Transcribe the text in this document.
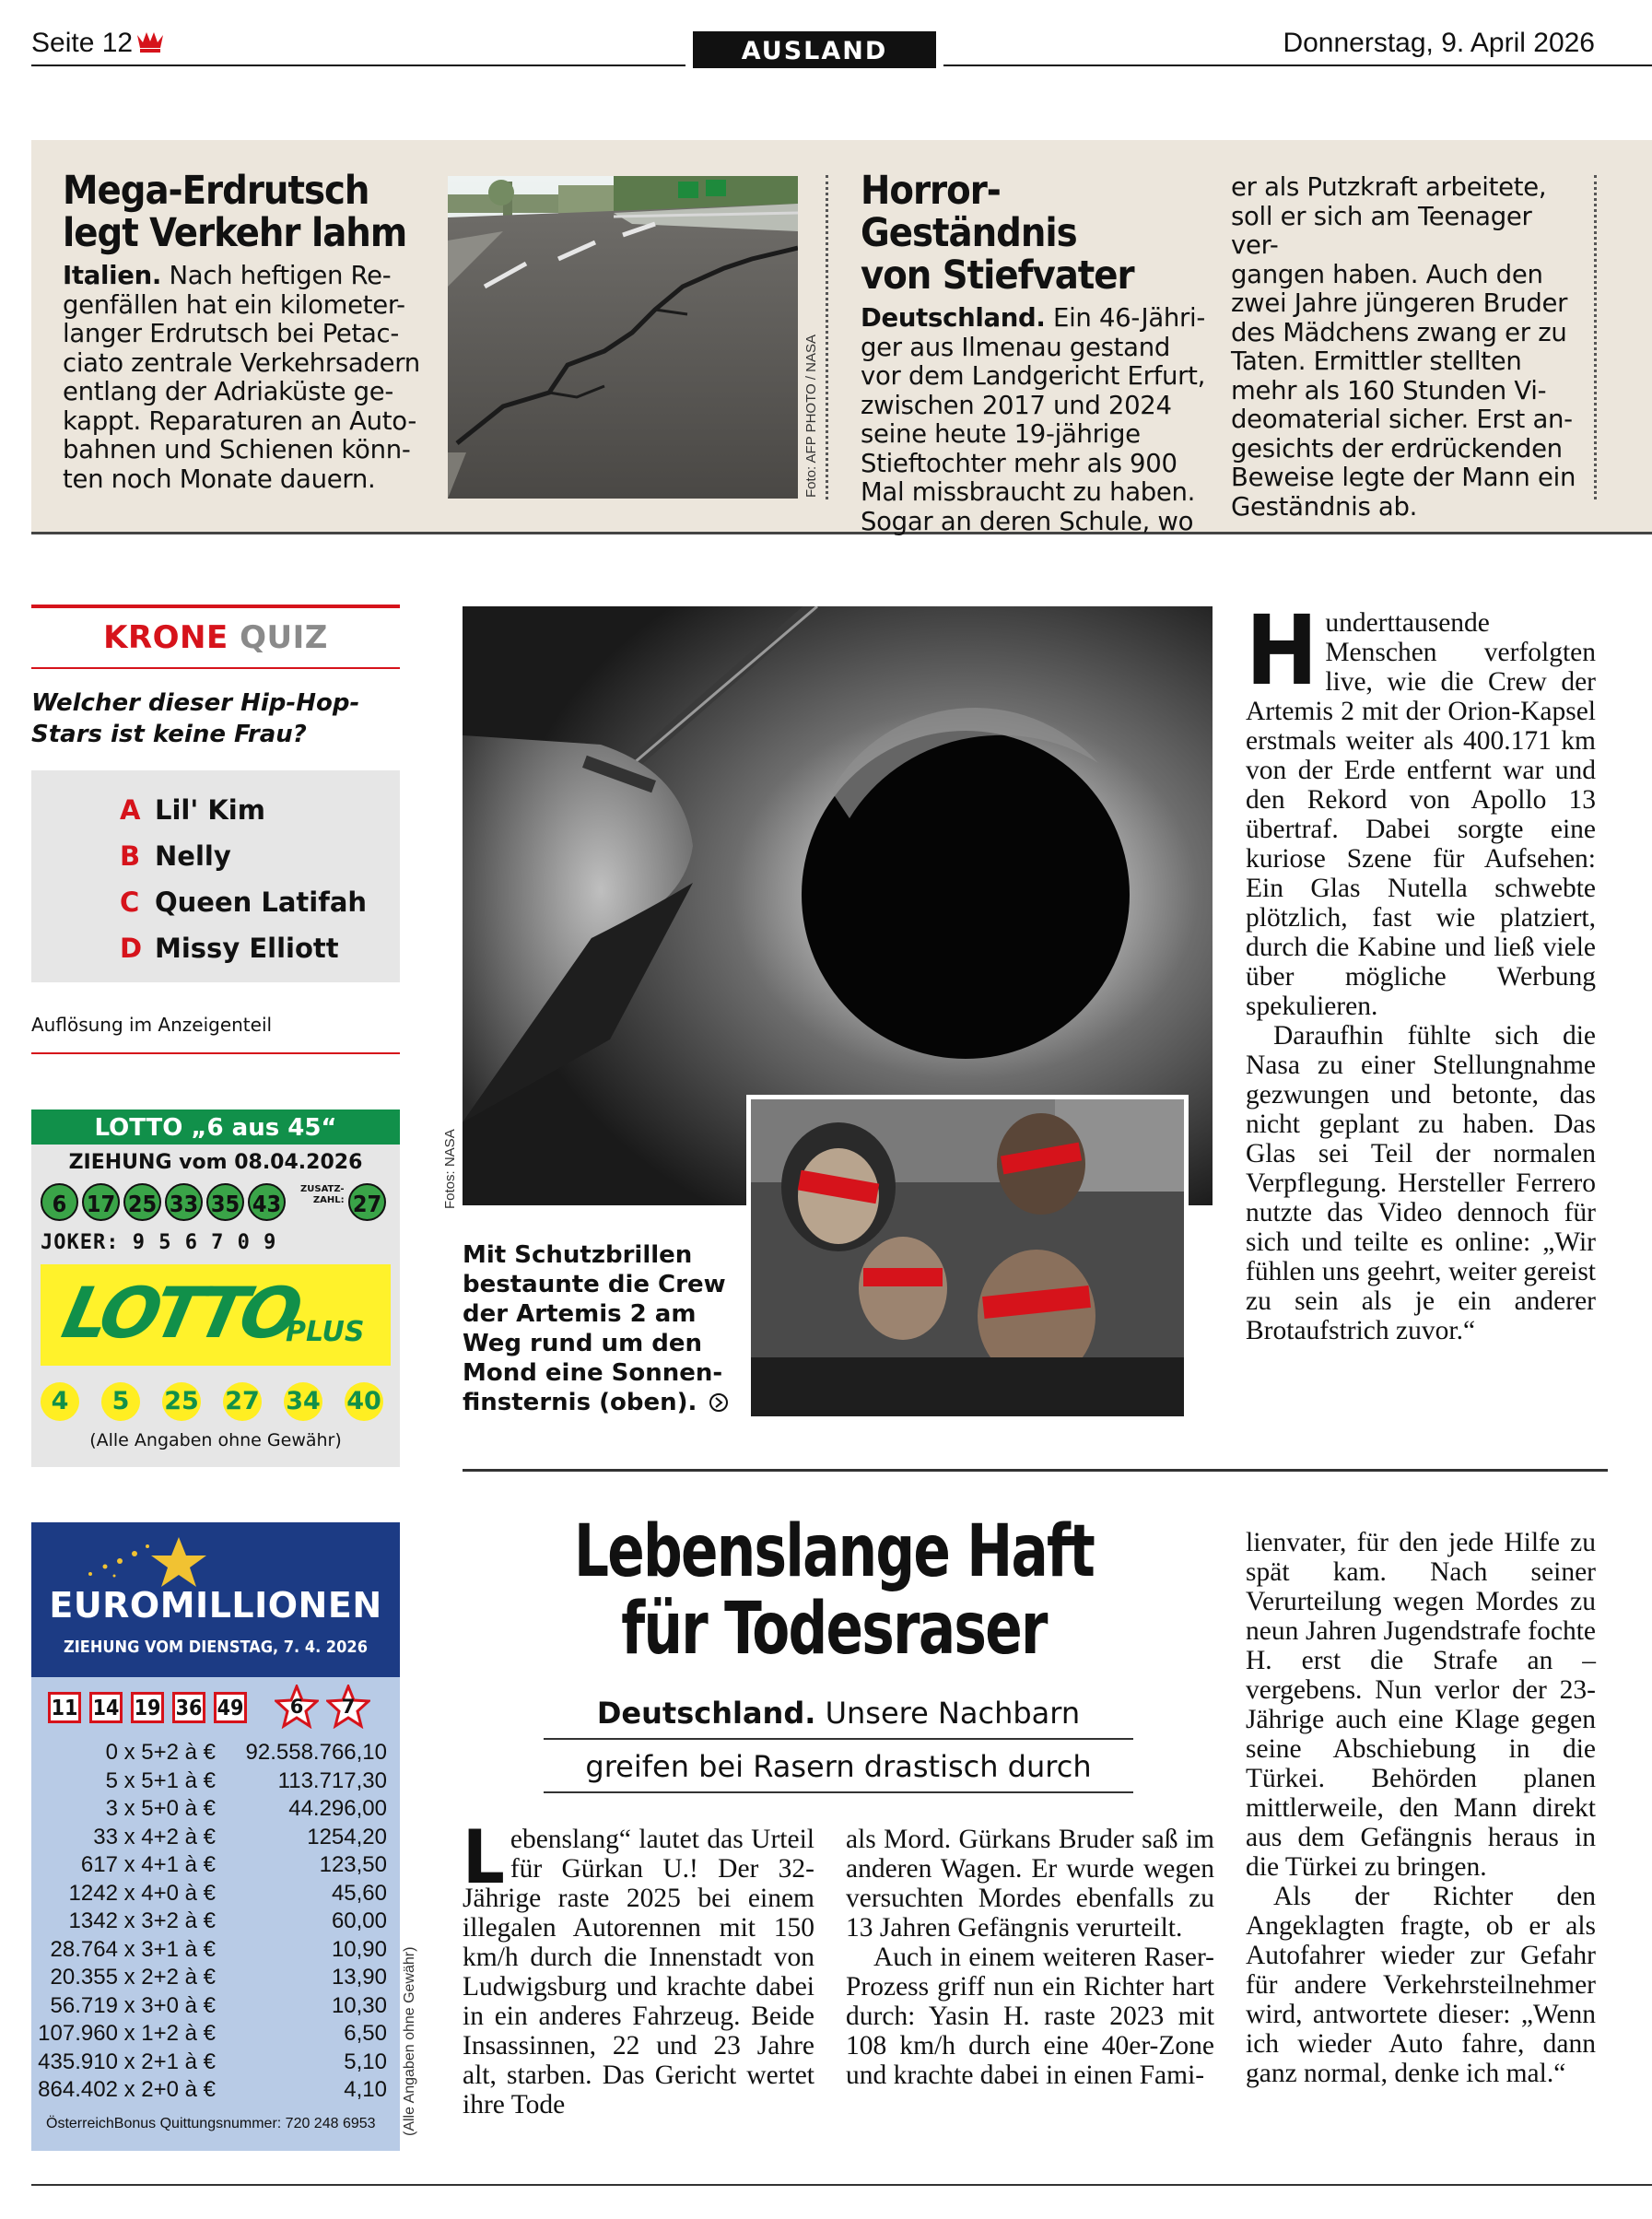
Seite 12	AUSLAND	Donnerstag, 9. April 2026
Mega-Erdrutsch
legt Verkehr lahm
Italien. Nach heftigen Re-
genfällen hat ein kilometer-
langer Erdrutsch bei Petac-
ciato zentrale Verkehrsadern
entlang der Adriaküste ge-
kappt. Reparaturen an Auto-
bahnen und Schienen könn-
ten noch Monate dauern.	Foto: AFP PHOTO / NASA
Horror-Geständnis
von Stiefvater
Deutschland. Ein 46-Jähri-
ger aus Ilmenau gestand
vor dem Landgericht Erfurt,
zwischen 2017 und 2024
seine heute 19-jährige
Stieftochter mehr als 900
Mal missbraucht zu haben.
Sogar an deren Schule, wo
er als Putzkraft arbeitete,
soll er sich am Teenager ver-
gangen haben. Auch den
zwei Jahre jüngeren Bruder
des Mädchens zwang er zu
Taten. Ermittler stellten
mehr als 160 Stunden Vi-
deomaterial sicher. Erst an-
gesichts der erdrückenden
Beweise legte der Mann ein
Geständnis ab.
KRONE QUIZ
Welcher dieser Hip-Hop-
Stars ist keine Frau?
A Lil' Kim
B Nelly
C Queen Latifah
D Missy Elliott
Auflösung im Anzeigenteil
LOTTO „6 aus 45“
ZIEHUNG vom 08.04.2026
6 17 25 33 35 43
ZUSATZ-
ZAHL: 27
JOKER: 9 5 6 7 0 9
LOTTO
PLUS
4	5	25 27 34 40
(Alle Angaben ohne Gewähr)
EUROMILLIONEN
ZIEHUNG VOM DIENSTAG, 7. 4. 2026
11 14 19 36 49	6	7
0 x 5+2 à € 92.558.766,10
5 x 5+1 à €	113.717,30
3 x 5+0 à €	44.296,00
33 x 4+2 à €	1254,20
617 x 4+1 à €	123,50
1242 x 4+0 à €	45,60
1342 x 3+2 à €	60,00
28.764 x 3+1 à €	10,90
20.355 x 2+2 à €	13,90
56.719 x 3+0 à €	10,30
107.960 x 1+2 à €	6,50
435.910 x 2+1 à €	5,10
864.402 x 2+0 à €	4,10
ÖsterreichBonus Quittungsnummer: 720 248 6953 (Alle Angaben ohne Gewähr)
Fotos: NASA
Mit Schutzbrillen
bestaunte die Crew
der Artemis 2 am
Weg rund um den
Mond eine Sonnen-
finsternis (oben).

Hunderttausende Menschen verfolgten live, wie die Crew der Artemis 2 mit der Orion-Kapsel erstmals weiter als 400.171 km von der Erde entfernt war und den Rekord von Apollo 13 übertraf. Dabei sorgte eine kuriose Szene für Aufsehen: Ein Glas Nutella schwebte plötzlich, fast wie platziert, durch die Kabine und ließ viele über mögliche Werbung spekulieren.

Daraufhin fühlte sich die Nasa zu einer Stellungnahme gezwungen und betonte, das nicht geplant zu haben. Das Glas sei Teil der normalen Verpflegung. Hersteller Ferrero nutzte das Video dennoch für sich und teilte es online: „Wir fühlen uns geehrt, weiter gereist zu sein als je ein anderer Brotaufstrich zuvor.“

Lebenslange Haft
für Todesraser
Deutschland. Unsere Nachbarn
greifen bei Rasern drastisch durch

Lebenslang“ lautet das Urteil für Gürkan U.! Der 32-Jährige raste 2025 bei einem illegalen Autorennen mit 150 km/h durch die Innenstadt von Ludwigsburg und krachte dabei in ein anderes Fahrzeug. Beide Insassinnen, 22 und 23 Jahre alt, starben. Das Gericht wertet ihre Tode

als Mord. Gürkans Bruder saß im anderen Wagen. Er wurde wegen versuchten Mordes ebenfalls zu 13 Jahren Gefängnis verurteilt.

Auch in einem weiteren Raser-Prozess griff nun ein Richter hart durch: Yasin H. raste 2023 mit 108 km/h durch eine 40er-Zone und krachte dabei in einen Fami-

lienvater, für den jede Hilfe zu spät kam. Nach seiner Verurteilung wegen Mordes zu neun Jahren Jugendstrafe fochte H. erst die Strafe an – vergebens. Nun verlor der 23-Jährige auch eine Klage gegen seine Abschiebung in die Türkei. Behörden planen mittlerweile, den Mann direkt aus dem Gefängnis heraus in die Türkei zu bringen.

Als der Richter den Angeklagten fragte, ob er als Autofahrer wieder zur Gefahr für andere Verkehrsteilnehmer wird, antwortete dieser: „Wenn ich wieder Auto fahre, dann ganz normal, denke ich mal.“
